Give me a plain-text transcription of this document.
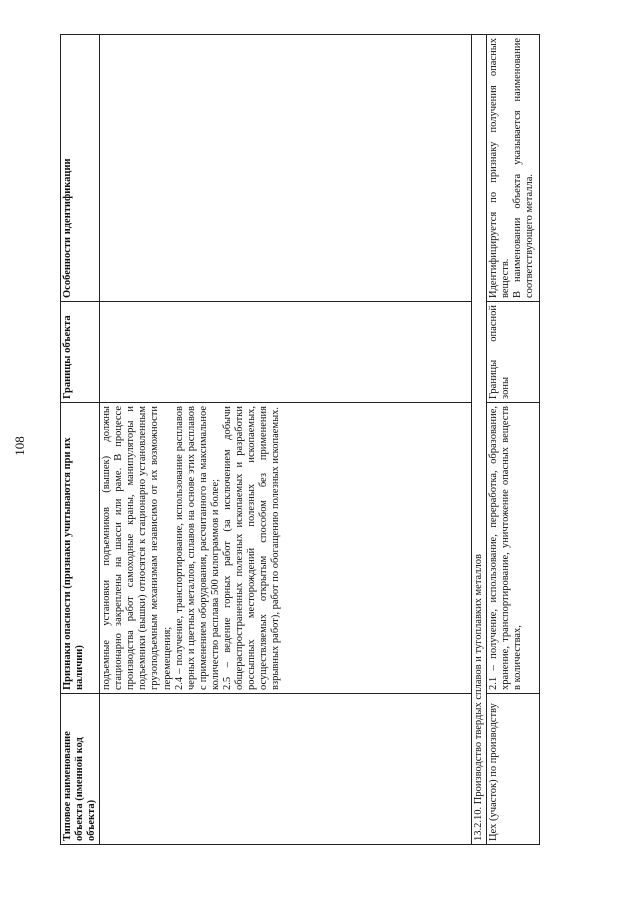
108
Типовое наименование объекта (именной код объекта)	Признаки опасности (признаки учитываются при их наличии)	Границы объекта	Особенности идентификации

	подъемные установки подъемников (вышек) должны стационарно закреплены на шасси или раме. В процессе производства работ самоходные краны, манипуляторы и подъемники (вышки) относятся к стационарно установленным грузоподъемным механизмам независимо от их возможности перемещения; 2.4 – получение, транспортирование, использование расплавов черных и цветных металлов, сплавов на основе этих расплавов с применением оборудования, рассчитанного на максимальное количество расплава 500 килограммов и более; 2.5 – ведение горных работ (за исключением добычи общераспространенных полезных ископаемых и разработки россыпных месторождений полезных ископаемых, осуществляемых открытым способом без применения взрывных работ), работ по обогащению полезных ископаемых.		

13.2.10. Производство твердых сплавов и тугоплавких металлов			
Цех (участок) по производству	2.1 – получение, использование, переработка, образование, хранение, транспортирование, уничтожение опасных веществ в количествах,	Границы опасной зоны	Идентифицируется по признаку получения опасных веществ. В наименовании объекта указывается наименование соответствующего металла.
